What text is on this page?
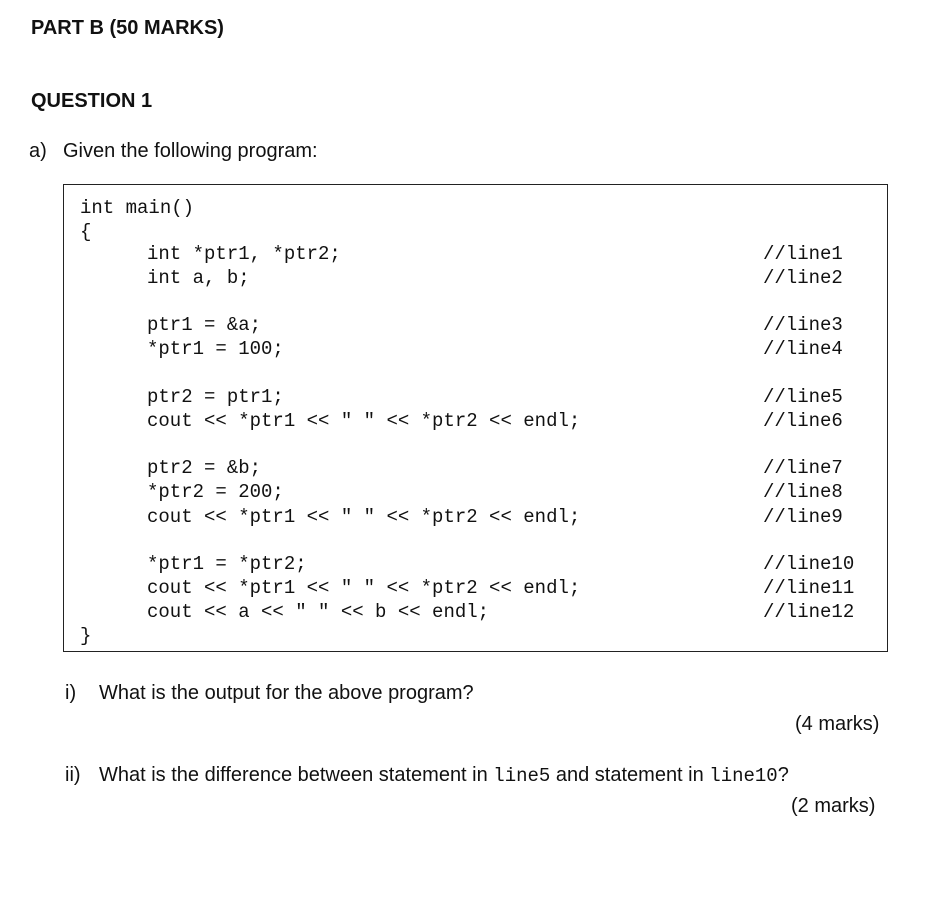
PART B (50 MARKS)
QUESTION 1
a) Given the following program:
int main()
{
int *ptr1, *ptr2;	//line1
int a, b;	//line2
ptr1 = &a;	//line3
*ptr1 = 100;	//line4
ptr2 = ptr1;	//line5
cout << *ptr1 << " " << *ptr2 << endl;	//line6
ptr2 = &b;	//line7
*ptr2 = 200;	//line8
cout << *ptr1 << " " << *ptr2 << endl;	//line9
*ptr1 = *ptr2;	//line10
cout << *ptr1 << " " << *ptr2 << endl;	//line11
cout << a << " " << b << endl;	//line12
}
i) What is the output for the above program?
(4 marks)
ii) What is the difference between statement in line5 and statement in line10?
(2 marks)
